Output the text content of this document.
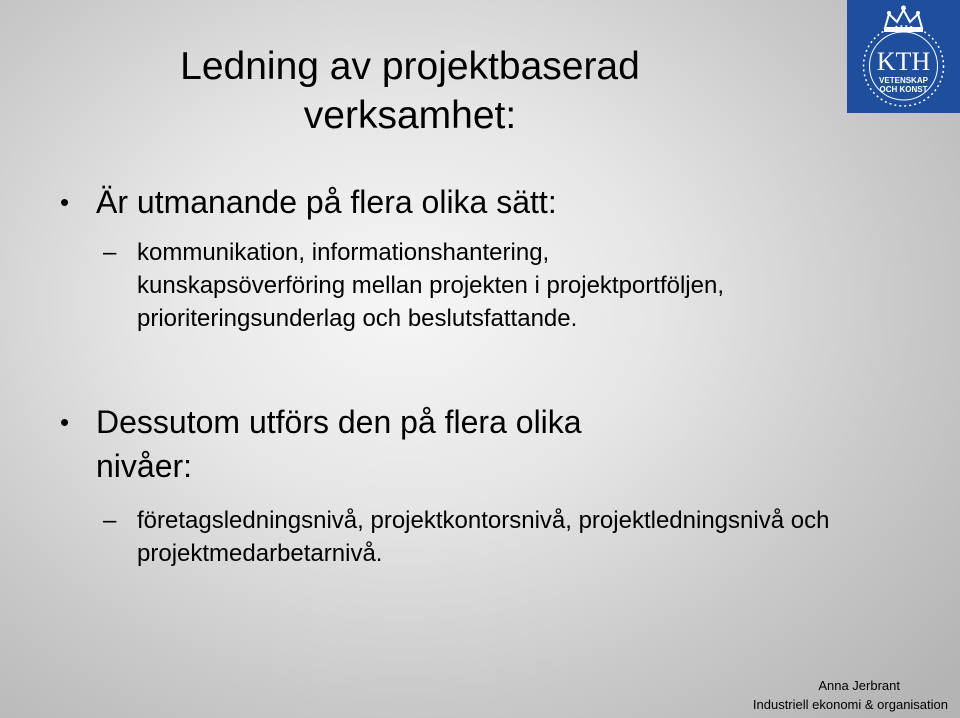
Ledning av projektbaserad
verksamhet:
• Är utmanande på flera olika sätt:
– kommunikation, informationshantering, kunskapsöverföring mellan projekten i projektportföljen, prioriteringsunderlag och beslutsfattande.
• Dessutom utförs den på flera olika
nivåer:
– företagsledningsnivå, projektkontorsnivå, projektledningsnivå och projektmedarbetarnivå.
KTH
VETENSKAP
OCH KONST
Anna Jerbrant
Industriell ekonomi & organisation
